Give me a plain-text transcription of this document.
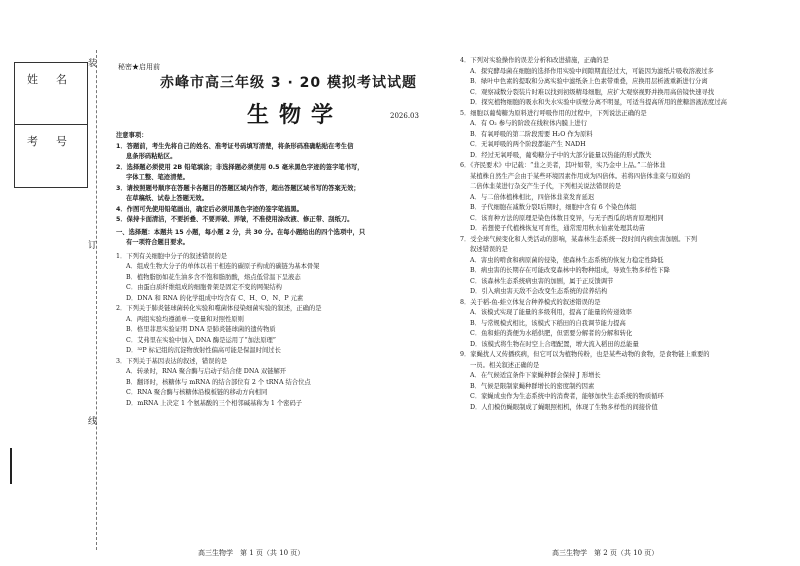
姓名
考号
装
订
线
秘密★启用前
赤峰市高三年级 3 · 20 模拟考试试题
生物学	2026.03
注意事项：
1．答题前，考生先将自己的姓名、准考证号码填写清楚，将条形码准确粘贴在考生信
息条形码粘贴区。
2．选择题必须使用 2B 铅笔填涂；非选择题必须使用 0.5 毫米黑色字迹的签字笔书写，
字体工整、笔迹清楚。
3．请按照题号顺序在答题卡各题目的答题区域内作答，超出答题区域书写的答案无效；
在草稿纸、试卷上答题无效。
4．作图可先使用铅笔画出，确定后必须用黑色字迹的签字笔描黑。
5．保持卡面清洁，不要折叠、不要弄破、弄皱，不准使用涂改液、修正带、刮纸刀。
一、选择题：本题共 15 小题，每小题 2 分，共 30 分。在每小题给出的四个选项中，只
有一项符合题目要求。
1．下列有关细胞中分子的叙述错误的是
A．组成生物大分子的单体以若干相连的碳原子构成的碳链为基本骨架
B．植物脂肪如花生油多含不饱和脂肪酸，熔点低常温下呈液态
C．由蛋白质纤维组成的细胞骨架是固定不变的网架结构
D．DNA 和 RNA 的化学组成中均含有 C、H、O、N、P 元素
2．下列关于肺炎链球菌转化实验和噬菌体侵染细菌实验的叙述，正确的是
A．两组实验均遵循单一变量和对照性原则
B．格里菲思实验证明 DNA 是肺炎链球菌的遗传物质
C．艾弗里在实验中加入 DNA 酶是运用了“加法原理”
D．³²P 标记组的沉淀物放射性偏高可能是保温时间过长
3．下列关于基因表达的叙述，错误的是
A．转录时，RNA 聚合酶与启动子结合使 DNA 双链解开
B．翻译时，核糖体与 mRNA 的结合部位有 2 个 tRNA 结合位点
C．RNA 聚合酶与核糖体沿模板链的移动方向相同
D．mRNA 上决定 1 个氨基酸的三个相邻碱基称为 1 个密码子
4．下列对实验操作的误差分析和改进措施，正确的是
A．探究酵母菌在细胞的选择作用实验中间隙期直径过大，可能因为滤纸片吸收溶液过多
B．绿叶中色素的提取和分离实验中滤纸条上色素带重叠，应换用层析液重新进行分离
C．观察减数分裂装片时难以找到初级精母细胞，应扩大观察视野并换用高倍镜快速寻找
D．探究植物细胞的吸水和失水实验中质壁分离不明显，可适当提高所用的蔗糖溶液浓度过高
5．细胞以葡萄糖为原料进行呼吸作用的过程中，下列说法正确的是
A．有 O₂ 参与的阶段在线粒体内膜上进行
B．有氧呼吸的第二阶段需要 H₂O 作为原料
C．无氧呼吸的两个阶段都能产生 NADH
D．经过无氧呼吸，葡萄糖分子中的大部分能量以热能的形式散失
6．《齐民要术》中记载：“韭之美者，其叶如带，实乃金中上品。”二倍体韭
某植株自然生产会由于某些环境因素作用成为四倍体。若将四倍体韭菜与原始的
二倍体韭菜进行杂交产生子代，下列相关说法错误的是
A．与二倍体植株相比，四倍体韭菜发育延迟
B．子代细胞在减数分裂Ⅰ后期时，细胞中含有 6 个染色体组
C．该育种方法的原理是染色体数目变异，与无子西瓜的培育原理相同
D．若想使子代植株恢复可育性，通常需用秋水仙素处理其幼苗
7．受全球气候变化和人类活动的影响，某森林生态系统一段时间内病虫害加剧。下列
叙述错误的是
A．害虫的啃食和病原菌的侵染，使森林生态系统的恢复力稳定性降低
B．病虫害的长期存在可能改变森林中的物种组成，导致生物多样性下降
C．该森林生态系统病虫害的加剧，属于正反馈调节
D．引入病虫害天敌不会改变生态系统的营养结构
8．关于稻-鱼-蛙立体复合种养模式的叙述错误的是
A．该模式实现了能量的多级利用，提高了能量的传递效率
B．与常规模式相比，该模式下稻田的自我调节能力提高
C．鱼和蛙的粪便为水稻供肥，但需要分解者的分解和转化
D．该模式将生物在时空上合理配置，增大流入稻田的总能量
9．家蝇扰人又传播疾病，但它可以为植物传粉，也是某些动物的食物，是食物链上重要的
一员。相关叙述正确的是
A．在气候适宜条件下家蝇种群会保持 J 形增长
B．气候是限制家蝇种群增长的密度制约因素
C．家蝇成虫作为生态系统中的消费者，能够加快生态系统的物质循环
D．人们模仿蝇眼制成了蝇眼照相机，体现了生物多样性的间接价值
高三生物学　第 1 页（共 10 页）	高三生物学　第 2 页（共 10 页）
